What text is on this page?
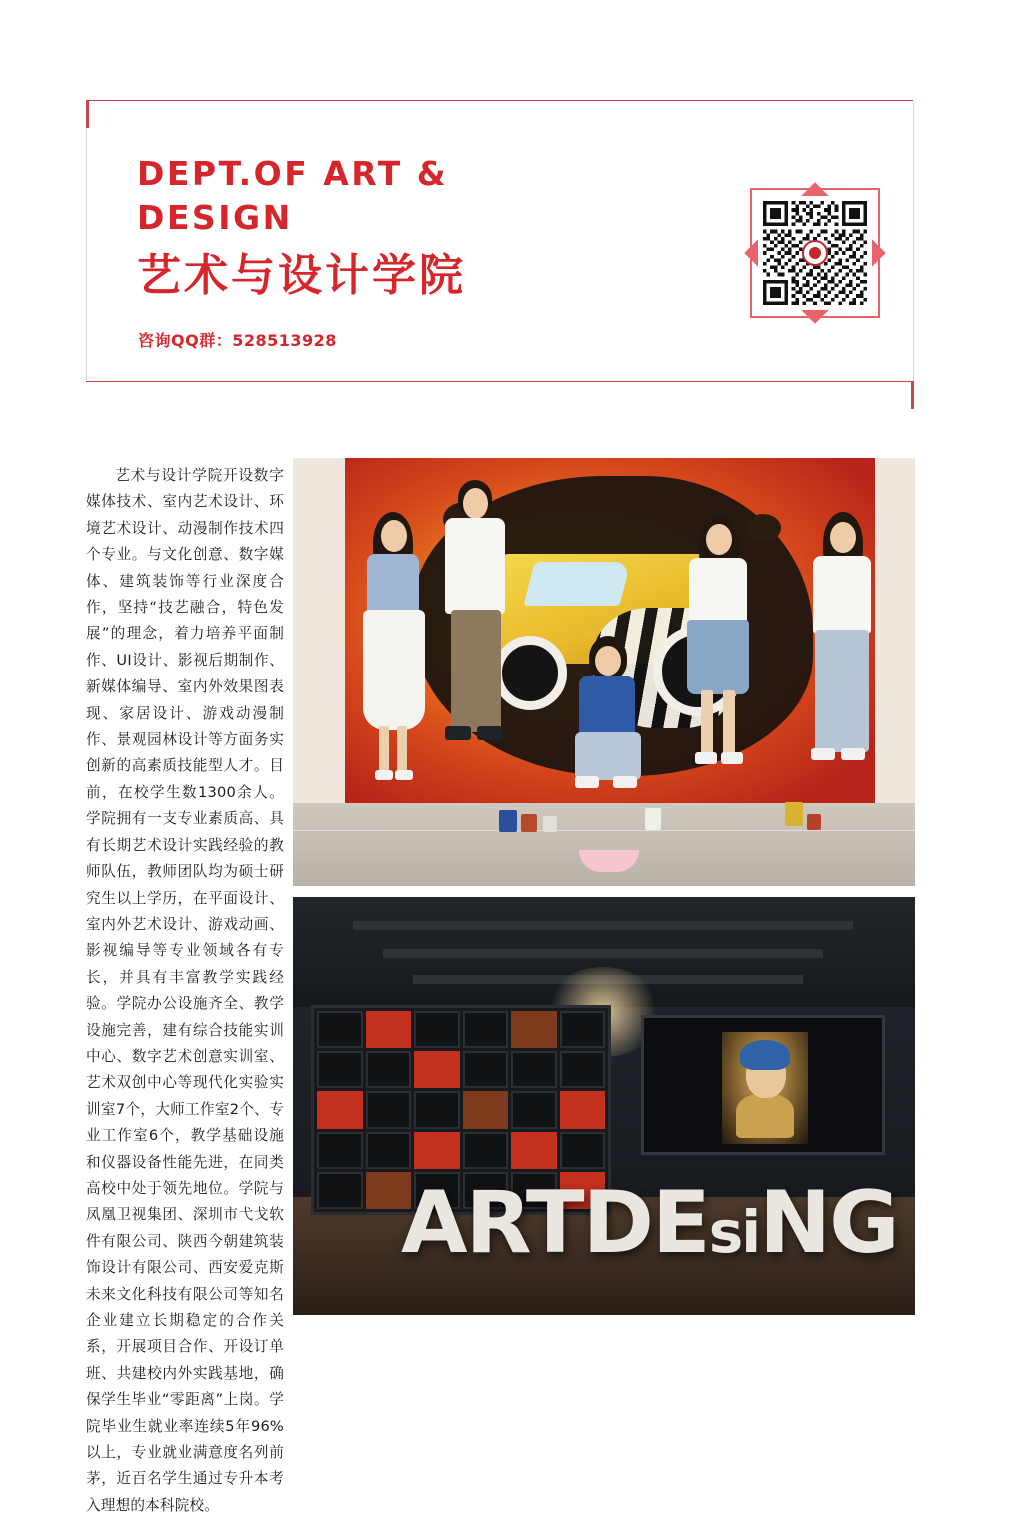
DEPT.OF ART &
DESIGN
艺术与设计学院
咨询QQ群：528513928
艺术与设计学院开设数字媒体技术、室内艺术设计、环境艺术设计、动漫制作技术四个专业。与文化创意、数字媒体、建筑装饰等行业深度合作，坚持“技艺融合，特色发展”的理念，着力培养平面制作、UI设计、影视后期制作、新媒体编导、室内外效果图表现、家居设计、游戏动漫制作、景观园林设计等方面务实创新的高素质技能型人才。目前，在校学生数1300余人。学院拥有一支专业素质高、具有长期艺术设计实践经验的教师队伍，教师团队均为硕士研究生以上学历，在平面设计、室内外艺术设计、游戏动画、影视编导等专业领域各有专长，并具有丰富教学实践经验。学院办公设施齐全、教学设施完善，建有综合技能实训中心、数字艺术创意实训室、艺术双创中心等现代化实验实训室7个，大师工作室2个、专业工作室6个，教学基础设施和仪器设备性能先进，在同类高校中处于领先地位。学院与凤凰卫视集团、深圳市弋戈软件有限公司、陕西今朝建筑装饰设计有限公司、西安爱克斯未来文化科技有限公司等知名企业建立长期稳定的合作关系，开展项目合作、开设订单班、共建校内外实践基地，确保学生毕业“零距离”上岗。学院毕业生就业率连续5年96%以上，专业就业满意度名列前茅，近百名学生通过专升本考入理想的本科院校。
ARTDEsiNG
